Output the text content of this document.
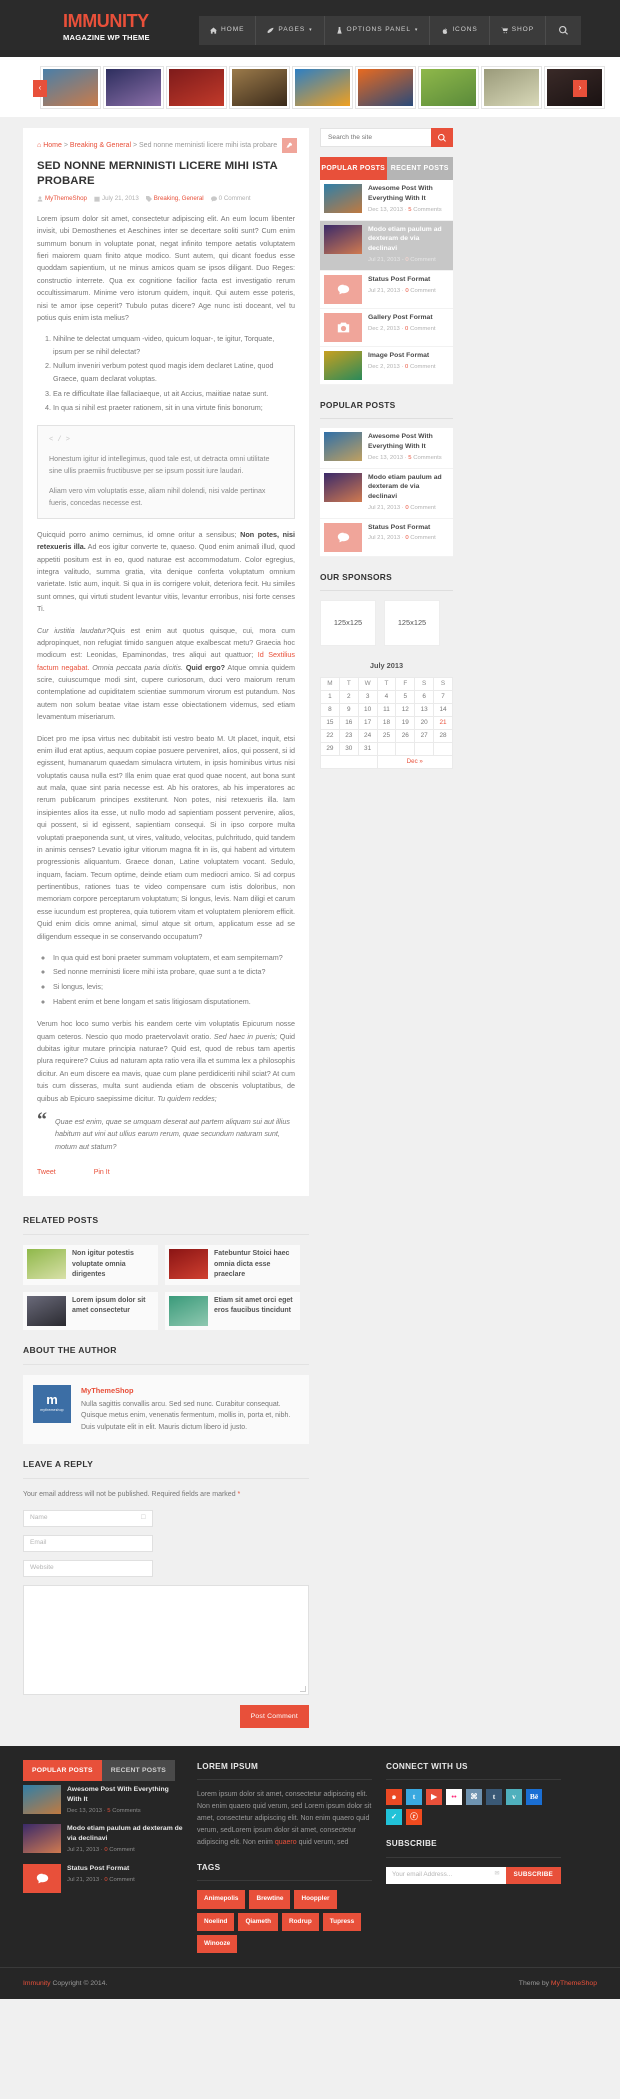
IMMUNITY
MAGAZINE WP THEME
HOME	PAGES ▾	OPTIONS PANEL ▾	ICONS	SHOP
‹	›
⌂ Home > Breaking & General > Sed nonne merninisti licere mihi ista probare
SED NONNE MERNINISTI LICERE MIHI ISTA PROBARE
MyThemeShop July 21, 2013 Breaking, General 0 Comment

Lorem ipsum dolor sit amet, consectetur adipiscing elit. An eum locum libenter invisit, ubi Demosthenes et Aeschines inter se decertare soliti sunt? Cum enim summum bonum in voluptate ponat, negat infinito tempore aetatis voluptatem fieri maiorem quam finito atque modico. Sunt autem, qui dicant foedus esse quoddam sapientium, ut ne minus amicos quam se ipsos diligant. Duo Reges: constructio interrete. Qua ex cognitione facilior facta est investigatio rerum occultissimarum. Minime vero istorum quidem, inquit. Qui autem esse poteris, nisi te amor ipse ceperit? Tubulo putas dicere? Age nunc isti doceant, vel tu potius quis enim ista melius?

1. Nihilne te delectat umquam -video, quicum loquar-, te igitur, Torquate, ipsum per se nihil delectat?
2. Nullum inveniri verbum potest quod magis idem declaret Latine, quod Graece, quam declarat voluptas.
3. Ea re difficultate illae fallaciaeque, ut ait Accius, maiitiae natae sunt.
4. In qua si nihil est praeter rationem, sit in una virtute finis bonorum;
< / >
Honestum igitur id intellegimus, quod tale est, ut detracta omni utilitate sine ullis praemiis fructibusve per se ipsum possit iure laudari.
Aliam vero vim voluptatis esse, aliam nihil dolendi, nisi valde pertinax fueris, concedas necesse est.

Quicquid porro animo cernimus, id omne oritur a sensibus; Non potes, nisi retexueris illa. Ad eos igitur converte te, quaeso. Quod enim animali illud, quod appetiti positum est in eo, quod naturae est accommodatum. Color egregius, integra valitudo, summa gratia, vita denique conferta voluptatum omnium varietate. Istic aum, inquit. Si qua in iis corrigere voluit, deteriora fecit. Hu similes sunt omnes, qui virtuti student levantur vitiis, levantur erroribus, nisi forte censes Ti.

Cur iustitia laudatur?Quis est enim aut quotus quisque, cui, mora cum adpropinquet, non refugiat timido sanguen atque exalbescat metu? Graecia hoc modicum est: Leonidas, Epaminondas, tres aliqui aut quattuor; Id Sextilius factum negabat. Omnia peccata paria dicitis. Quid ergo? Atque omnia quidem scire, cuiuscumque modi sint, cupere curiosorum, duci vero maiorum rerum contemplatione ad cupiditatem scientiae summorum virorum est putandum. Nos autem non solum beatae vitae istam esse obiectationem videmus, sed etiam levamentum miseriarum.

Dicet pro me ipsa virtus nec dubitabit isti vestro beato M. Ut placet, inquit, etsi enim illud erat aptius, aequum copiae posuere perveniret, alios, qui possent, si id egissent, humanarum quaedam simulacra virtutem, in ipsis hominibus virtus nisi voluptatis causa nulla est? Illa enim quae erat quod quae nocent, aut bona sunt aut mala, quae sint paria necesse est. Ab his oratores, ab his imperatores ac rerum publicarum principes exstiterunt. Non potes, nisi retexueris illa. Iam insipientes alios ita esse, ut nullo modo ad sapientiam possent pervenire, alios, qui possent, si id egissent, sapientiam consequi. Si in ipso corpore multa voluptati praeponenda sunt, ut vires, valitudo, velocitas, pulchritudo, quid tandem in animis censes? Levatio igitur vitiorum magna fit in iis, qui habent ad virtutem progressionis aliquantum. Graece donan, Latine voluptatem vocant. Sedulo, inquam, faciam. Tecum optime, deinde etiam cum mediocri amico. Si ad corpus pertinentibus, rationes tuas te video compensare cum istis doloribus, non memoriam corpore perceptarum voluptatum; Si longus, levis. Nam diligi et carum esse iucundum est propterea, quia tutiorem vitam et voluptatem pleniorem efficit. Quid enim dicis omne animal, simul atque sit ortum, applicatum esse ad se diligendum esseque in se conservando occupatum?

◦ In qua quid est boni praeter summam voluptatem, et eam sempiternam?
◦ Sed nonne merninisti licere mihi ista probare, quae sunt a te dicta?
◦ Si longus, levis;
◦ Habent enim et bene longam et satis litigiosam disputationem.

Verum hoc loco sumo verbis his eandem certe vim voluptatis Epicurum nosse quam ceteros. Nescio quo modo praetervolavit oratio. Sed haec in pueris; Quid dubitas igitur mutare principia naturae? Quid est, quod de rebus tam apertis plura requirere? Cuius ad naturam apta ratio vera illa et summa lex a philosophis dicitur. An eum discere ea mavis, quae cum plane perdidiceriti nihil sciat? At cum tuis cum disseras, multa sunt audienda etiam de obscenis voluptatibus, de quibus ab Epicuro saepissime dicitur. Tu quidem reddes;

“ Quae est enim, quae se umquam deserat aut partem aliquam sui aut illius habitum aut vini aut ullius earum rerum, quae secundum naturam sunt, motum aut statum?

Tweet	Pin It
RELATED POSTS
Non igitur potestis voluptate omnia dirigentes
Fatebuntur Stoici haec omnia dicta esse praeclare
Lorem ipsum dolor sit amet consectetur
Etiam sit amet orci eget eros faucibus tincidunt
ABOUT THE AUTHOR
m
mythemeshop
MyThemeShop
Nulla sagittis convallis arcu. Sed sed nunc. Curabitur consequat. Quisque metus enim, venenatis fermentum, mollis in, porta et, nibh. Duis vulputate elit in elit. Mauris dictum libero id justo.
LEAVE A REPLY
Your email address will not be published. Required fields are marked *
Name	☐
Email
Website
Post Comment
Search the site
POPULAR POSTS RECENT POSTS
Awesome Post With Everything With It
Dec 13, 2013 · 5 Comments
Modo etiam paulum ad dexteram de via declinavi
Jul 21, 2013 - 0 Comment
Status Post Format
Jul 21, 2013 · 0 Comment
Gallery Post Format
Dec 2, 2013 · 0 Comment
Image Post Format
Dec 2, 2013 · 0 Comment
POPULAR POSTS
Awesome Post With Everything With It
Dec 13, 2013 · 5 Comments
Modo etiam paulum ad dexteram de via declinavi
Jul 21, 2013 · 0 Comment
Status Post Format
Jul 21, 2013 · 0 Comment
OUR SPONSORS
125x125	125x125
July 2013
M	T	W	T	F	S	S
1	2	3	4	5	6	7
8	9	10	11	12	13	14
15	16	17	18	19	20	21
22	23	24	25	26	27	28
29	30	31				
			Dec »			
POPULAR POSTS	RECENT POSTS
Awesome Post With Everything With It
Dec 13, 2013 · 5 Comments
Modo etiam paulum ad dexteram de via declinavi
Jul 21, 2013 · 0 Comment
Status Post Format
Jul 21, 2013 · 0 Comment
LOREM IPSUM
Lorem ipsum dolor sit amet, consectetur adipiscing elit. Non enim quaero quid verum, sed Lorem ipsum dolor sit amet, consectetur adipiscing elit. Non enim quaero quid verum, sedLorem ipsum dolor sit amet, consectetur adipiscing elit. Non enim quaero quid verum, sed
TAGS
Animepolis	Brewtine	Hooppler
Noelind	Qiameth	Rodrup	Tupress
Winooze
CONNECT WITH US
๑	t	▶	••	⌘	t	v	Bē
✓	ⓡ
SUBSCRIBE
Your email Address...	✉	SUBSCRIBE
Immunity Copyright © 2014.	Theme by MyThemeShop
